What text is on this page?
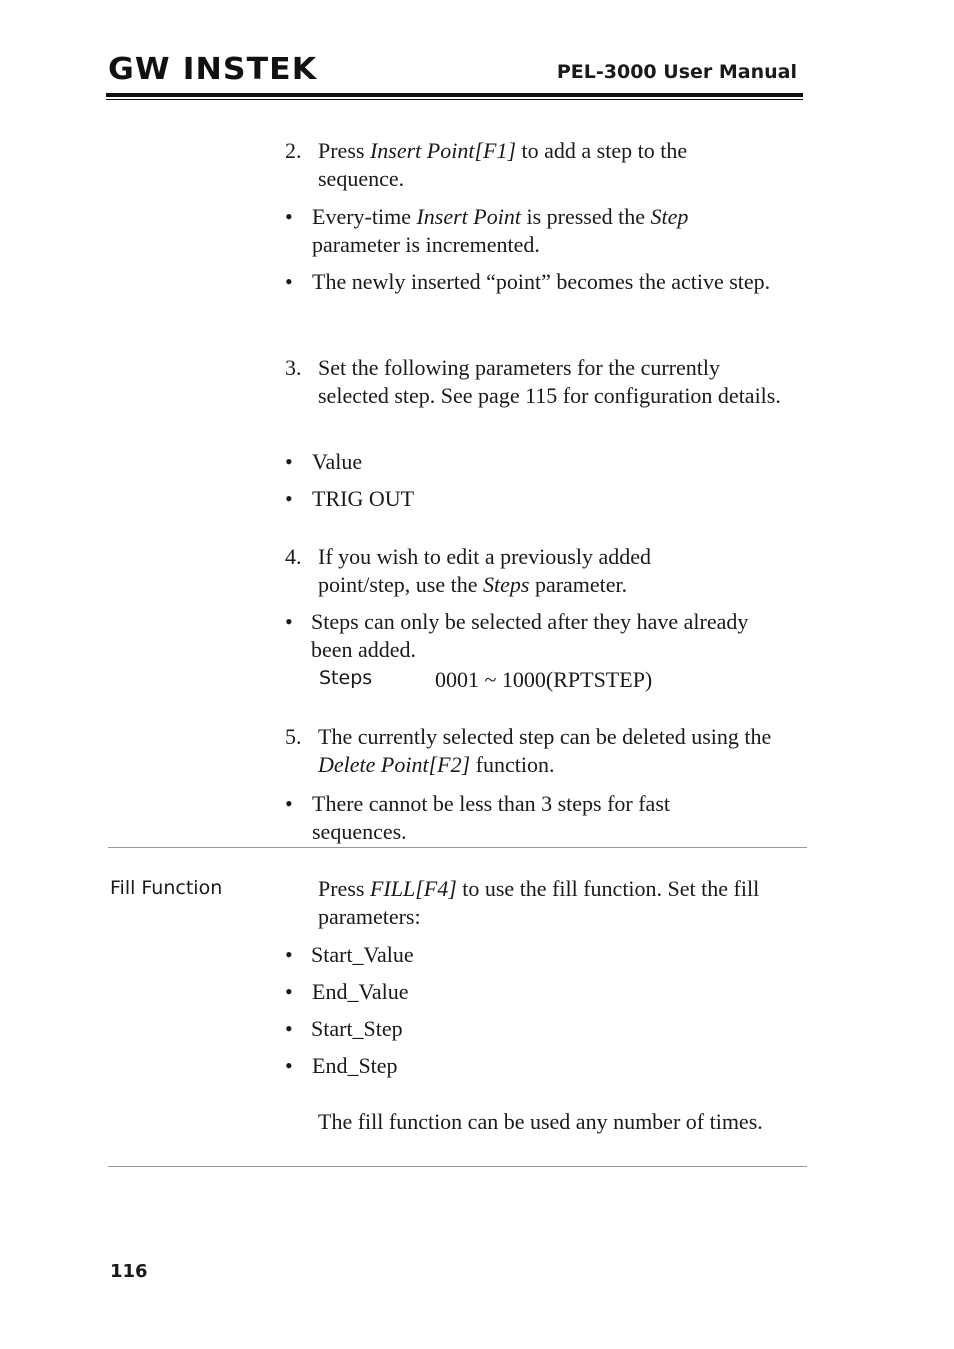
GW INSTEK	PEL-3000 User Manual
2. Press Insert Point[F1] to add a step to the sequence.
• Every-time Insert Point is pressed the Step parameter is incremented.
• The newly inserted “point” becomes the active step.
3. Set the following parameters for the currently selected step. See page 115 for configuration details.
• Value
• TRIG OUT
4. If you wish to edit a previously added point/step, use the Steps parameter.
• Steps can only be selected after they have already been added.
Steps	0001 ~ 1000(RPTSTEP)
5. The currently selected step can be deleted using the Delete Point[F2] function.
• There cannot be less than 3 steps for fast sequences.
Fill Function	Press FILL[F4] to use the fill function. Set the fill parameters:
• Start_Value
• End_Value
• Start_Step
• End_Step
The fill function can be used any number of times.
116
